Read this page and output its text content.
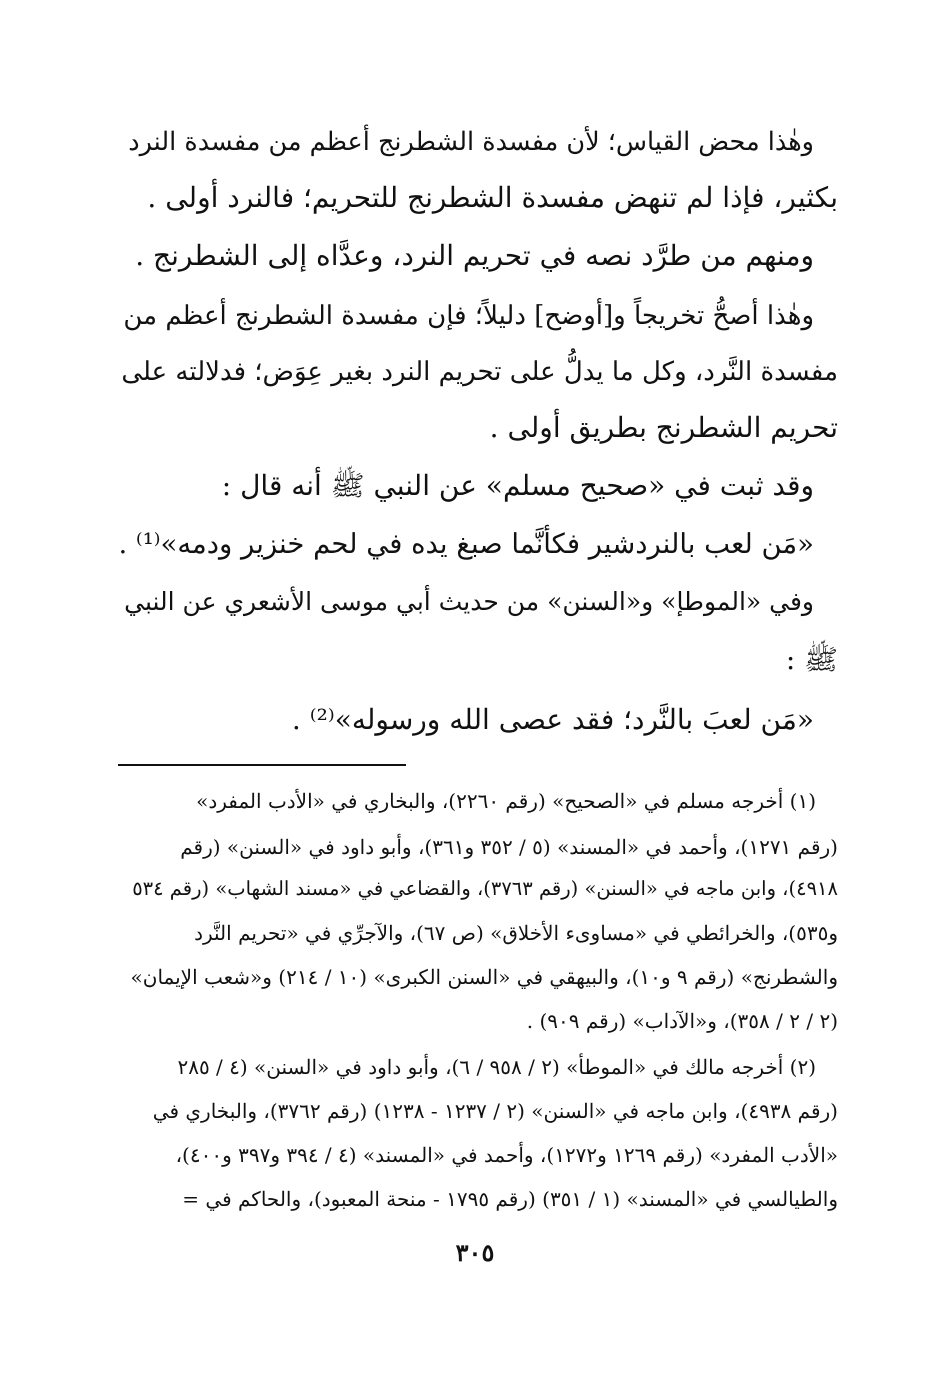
وهٰذا محض القياس؛ لأن مفسدة الشطرنج أعظم من مفسدة النرد

بكثير، فإذا لم تنهض مفسدة الشطرنج للتحريم؛ فالنرد أولى .

ومنهم من طرَّد نصه في تحريم النرد، وعدَّاه إلى الشطرنج .

وهٰذا أصحُّ تخريجاً و[أوضح] دليلاً؛ فإن مفسدة الشطرنج أعظم من

مفسدة النَّرد، وكل ما يدلُّ على تحريم النرد بغير عِوَض؛ فدلالته على

تحريم الشطرنج بطريق أولى .

وقد ثبت في «صحيح مسلم» عن النبي ﷺ أنه قال :

«مَن لعب بالنردشير فكأنَّما صبغ يده في لحم خنزير ودمه»⁽¹⁾ .

وفي «الموطإ» و«السنن» من حديث أبي موسى الأشعري عن النبي

ﷺ :

«مَن لعبَ بالنَّرد؛ فقد عصى الله ورسوله»⁽²⁾ .

(١) أخرجه مسلم في «الصحيح» (رقم ٢٢٦٠)، والبخاري في «الأدب المفرد»

(رقم ١٢٧١)، وأحمد في «المسند» (٥ / ٣٥٢ و٣٦١)، وأبو داود في «السنن» (رقم

٤٩١٨)، وابن ماجه في «السنن» (رقم ٣٧٦٣)، والقضاعي في «مسند الشهاب» (رقم ٥٣٤

و٥٣٥)، والخرائطي في «مساوىء الأخلاق» (ص ٦٧)، والآجرِّي في «تحريم النَّرد

والشطرنج» (رقم ٩ و١٠)، والبيهقي في «السنن الكبرى» (١٠ / ٢١٤) و«شعب الإيمان»

(٢ / ٢ / ٣٥٨)، و«الآداب» (رقم ٩٠٩) .

(٢) أخرجه مالك في «الموطأ» (٢ / ٩٥٨ / ٦)، وأبو داود في «السنن» (٤ / ٢٨٥

(رقم ٤٩٣٨)، وابن ماجه في «السنن» (٢ / ١٢٣٧ - ١٢٣٨) (رقم ٣٧٦٢)، والبخاري في

«الأدب المفرد» (رقم ١٢٦٩ و١٢٧٢)، وأحمد في «المسند» (٤ / ٣٩٤ و٣٩٧ و٤٠٠)،

والطيالسي في «المسند» (١ / ٣٥١) (رقم ١٧٩٥ - منحة المعبود)، والحاكم في =

٣٠٥
